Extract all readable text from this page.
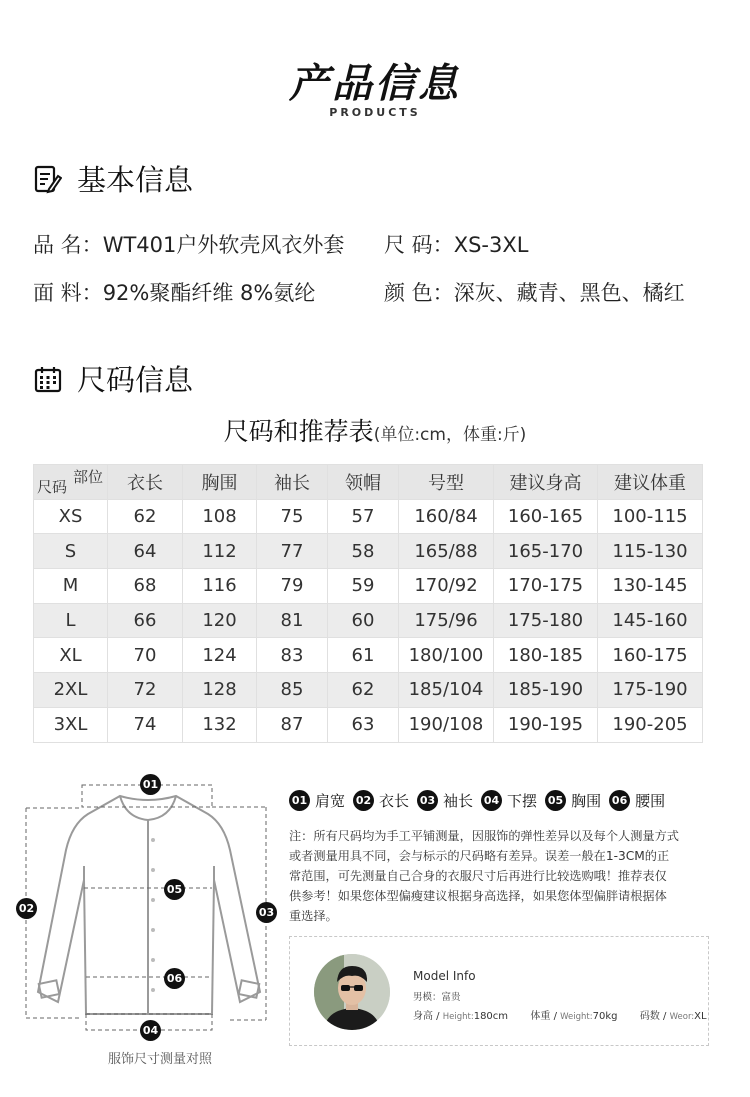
产品信息
PRODUCTS
基本信息
品 名：WT401户外软壳风衣外套 尺 码：XS-3XL
面 料：92%聚酯纤维 8%氨纶	颜 色：深灰、藏青、黑色、橘红
尺码信息
尺码和推荐表(单位:cm，体重:斤)
部位
尺码	衣长	胸围	袖长	领帽	号型	建议身高	建议体重
XS	62	108	75	57	160/84	160-165	100-115
S	64	112	77	58	165/88	165-170	115-130
M	68	116	79	59	170/92	170-175	130-145
L	66	120	81	60	175/96	175-180	145-160
XL	70	124	83	61	180/100	180-185	160-175
2XL	72	128	85	62	185/104	185-190	175-190
3XL	74	132	87	63	190/108	190-195	190-205
01
02	03
04
05
06
服饰尺寸测量对照
01 肩宽 02 衣长 03 袖长 04 下摆 05 胸围 06 腰围
注：所有尺码均为手工平铺测量，因服饰的弹性差异以及每个人测量方式
或者测量用具不同，会与标示的尺码略有差异。误差一般在1-3CM的正
常范围，可先测量自己合身的衣服尺寸后再进行比较选购哦！推荐表仅
供参考！如果您体型偏瘦建议根据身高选择，如果您体型偏胖请根据体
重选择。
Model Info
男模：富贵
身高 / Height:180cm 体重 / Weight:70kg 码数 / Weor:XL
